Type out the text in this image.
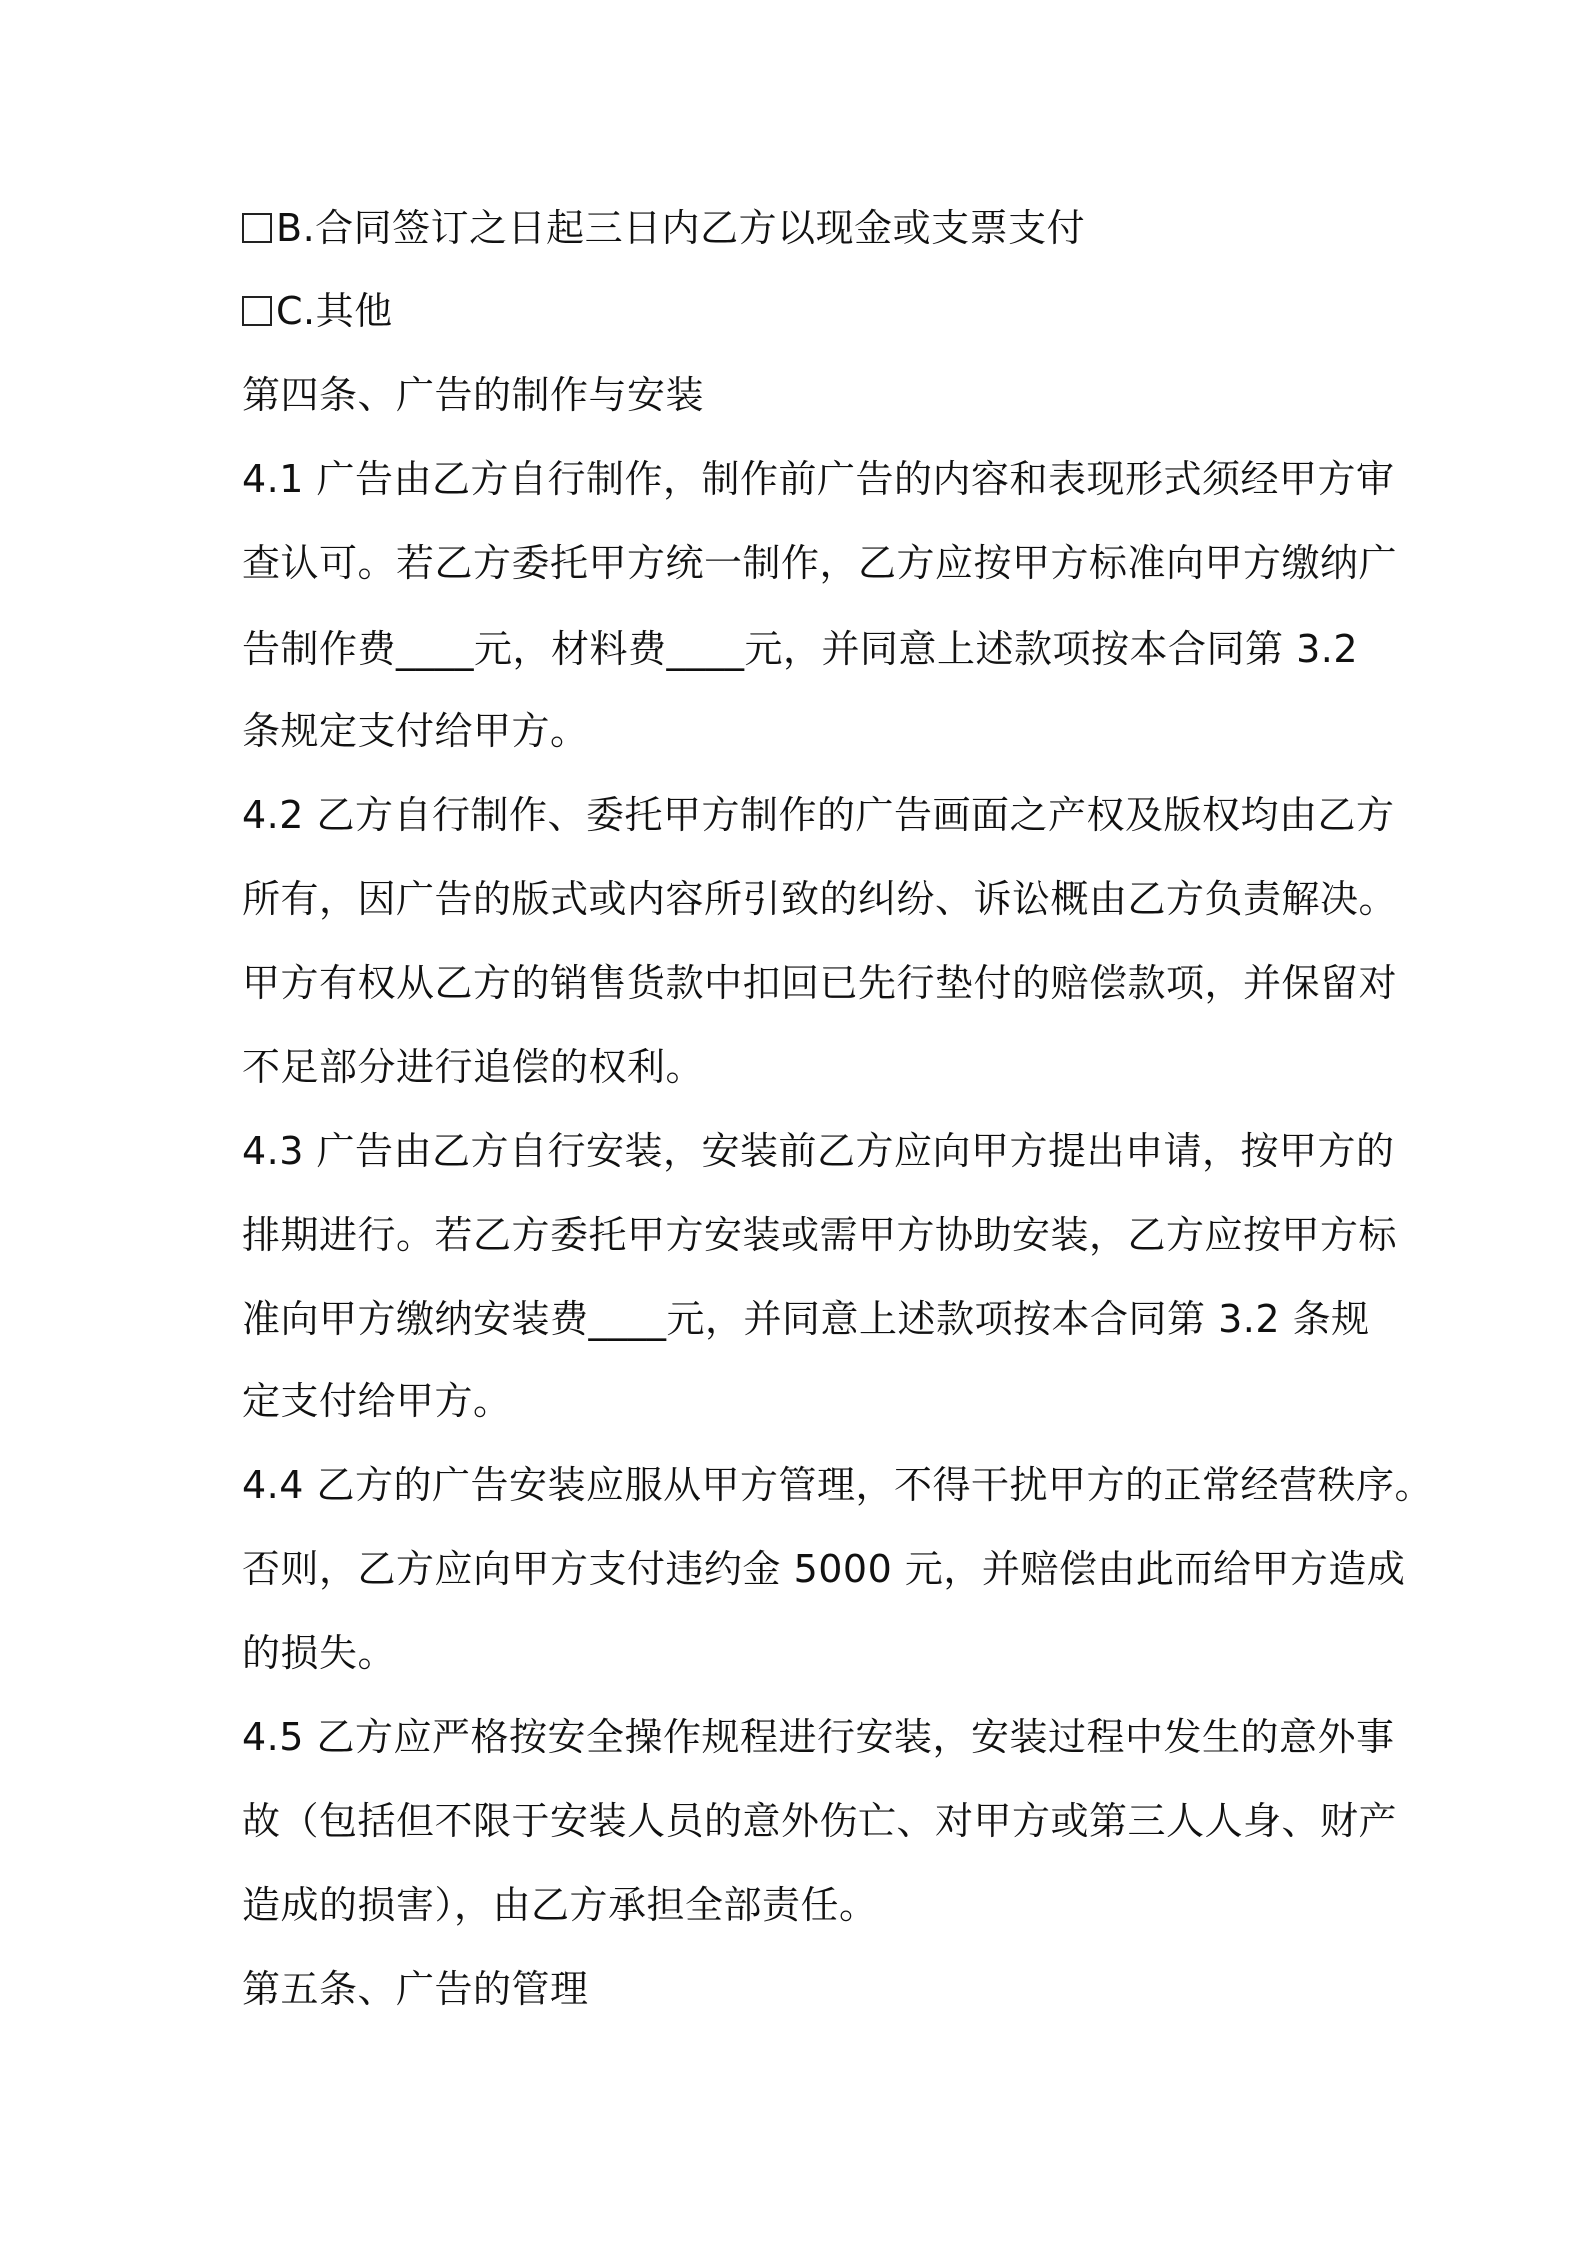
B.合同签订之日起三日内乙方以现金或支票支付
C.其他
第四条、广告的制作与安装
4.1 广告由乙方自行制作，制作前广告的内容和表现形式须经甲方审
查认可。若乙方委托甲方统一制作，乙方应按甲方标准向甲方缴纳广
告制作费____元，材料费____元，并同意上述款项按本合同第 3.2
条规定支付给甲方。
4.2 乙方自行制作、委托甲方制作的广告画面之产权及版权均由乙方
所有，因广告的版式或内容所引致的纠纷、诉讼概由乙方负责解决。
甲方有权从乙方的销售货款中扣回已先行垫付的赔偿款项，并保留对
不足部分进行追偿的权利。
4.3 广告由乙方自行安装，安装前乙方应向甲方提出申请，按甲方的
排期进行。若乙方委托甲方安装或需甲方协助安装，乙方应按甲方标
准向甲方缴纳安装费____元，并同意上述款项按本合同第 3.2 条规
定支付给甲方。
4.4 乙方的广告安装应服从甲方管理，不得干扰甲方的正常经营秩序。
否则，乙方应向甲方支付违约金 5000 元，并赔偿由此而给甲方造成
的损失。
4.5 乙方应严格按安全操作规程进行安装，安装过程中发生的意外事
故（包括但不限于安装人员的意外伤亡、对甲方或第三人人身、财产
造成的损害），由乙方承担全部责任。
第五条、广告的管理
